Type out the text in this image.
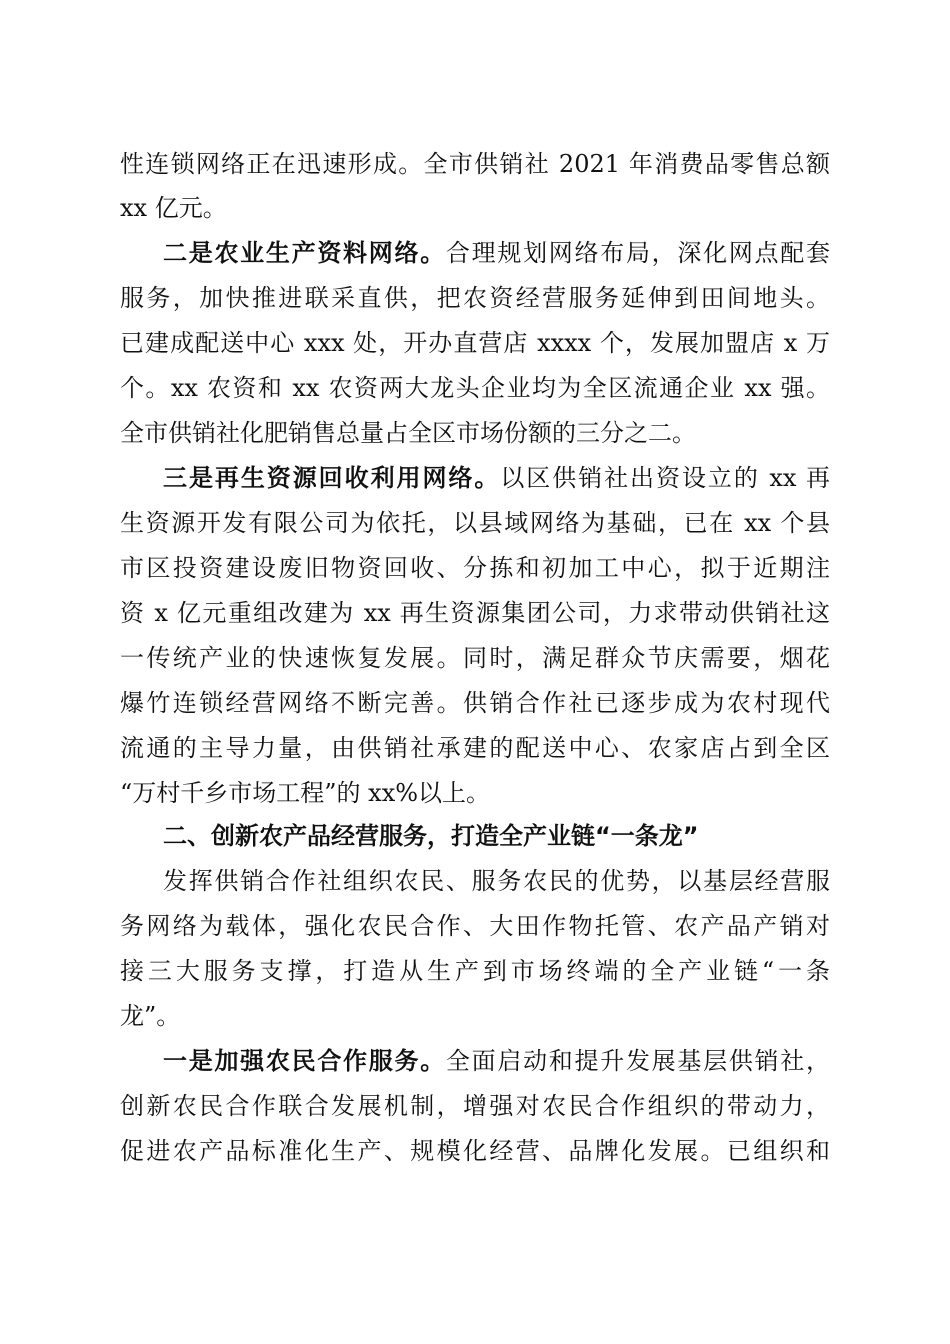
性连锁网络正在迅速形成。全市供销社 2021 年消费品零售总额
xx 亿元。
二是农业生产资料网络。合理规划网络布局，深化网点配套
服务，加快推进联采直供，把农资经营服务延伸到田间地头。
已建成配送中心 xxx 处，开办直营店 xxxx 个，发展加盟店 x 万
个。xx 农资和 xx 农资两大龙头企业均为全区流通企业 xx 强。
全市供销社化肥销售总量占全区市场份额的三分之二。
三是再生资源回收利用网络。以区供销社出资设立的 xx 再
生资源开发有限公司为依托，以县域网络为基础，已在 xx 个县
市区投资建设废旧物资回收、分拣和初加工中心，拟于近期注
资 x 亿元重组改建为 xx 再生资源集团公司，力求带动供销社这
一传统产业的快速恢复发展。同时，满足群众节庆需要，烟花
爆竹连锁经营网络不断完善。供销合作社已逐步成为农村现代
流通的主导力量，由供销社承建的配送中心、农家店占到全区
“万村千乡市场工程”的 xx%以上。
二、创新农产品经营服务，打造全产业链“一条龙”
发挥供销合作社组织农民、服务农民的优势，以基层经营服
务网络为载体，强化农民合作、大田作物托管、农产品产销对
接三大服务支撑，打造从生产到市场终端的全产业链“一条
龙”。
一是加强农民合作服务。全面启动和提升发展基层供销社，
创新农民合作联合发展机制，增强对农民合作组织的带动力，
促进农产品标准化生产、规模化经营、品牌化发展。已组织和
